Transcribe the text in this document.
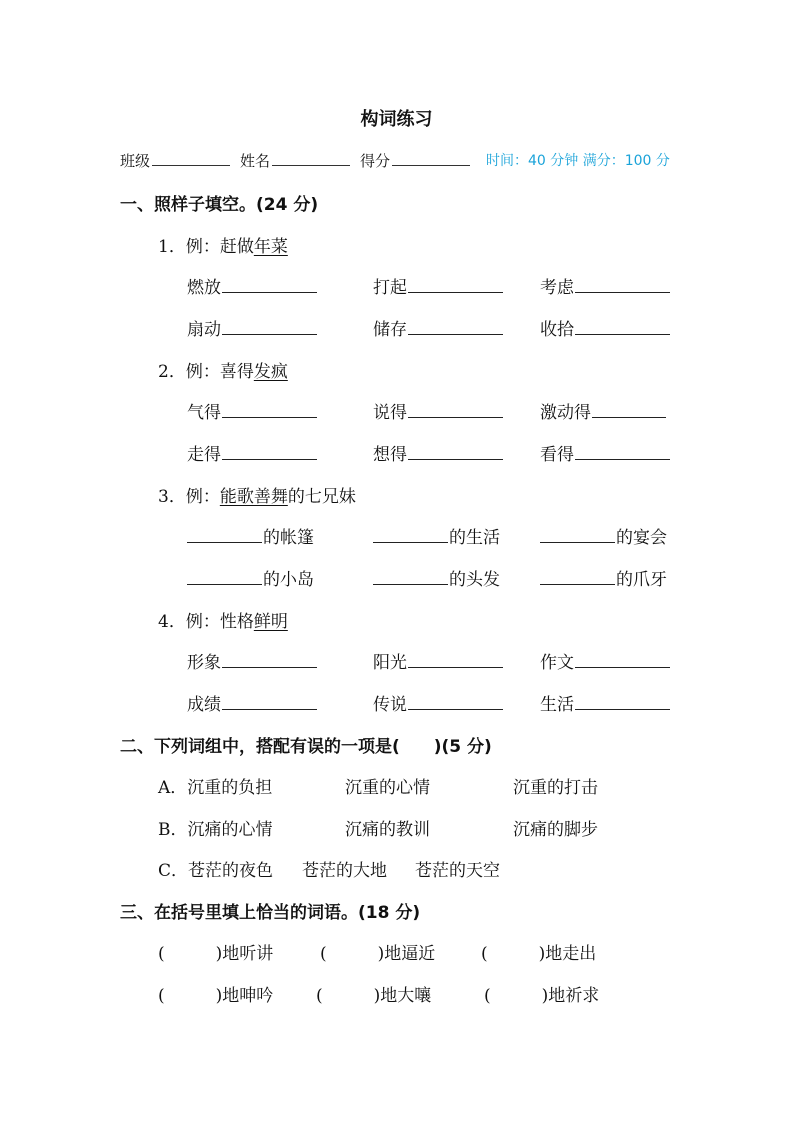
构词练习
班级	姓名	得分	时间：40 分钟 满分：100 分
一、照样子填空。(24 分)
1．例：赶做年菜
燃放	打起	考虑
扇动	储存	收拾
2．例：喜得发疯
气得	说得	激动得
走得	想得	看得
3．例：能歌善舞的七兄妹
的帐篷	的生活	的宴会
的小岛	的头发	的爪牙
4．例：性格鲜明
形象	阳光	作文
成绩	传说	生活
二、下列词组中，搭配有误的一项是(　　)(5 分)
A．沉重的负担	沉重的心情	沉重的打击
B．沉痛的心情	沉痛的教训	沉痛的脚步
C．苍茫的夜色 苍茫的大地 苍茫的天空
三、在括号里填上恰当的词语。(18 分)
(　　　)地听讲	(　　　)地逼近	(　　　)地走出
(　　　)地呻吟	(　　　)地大嚷	(　　　)地祈求
